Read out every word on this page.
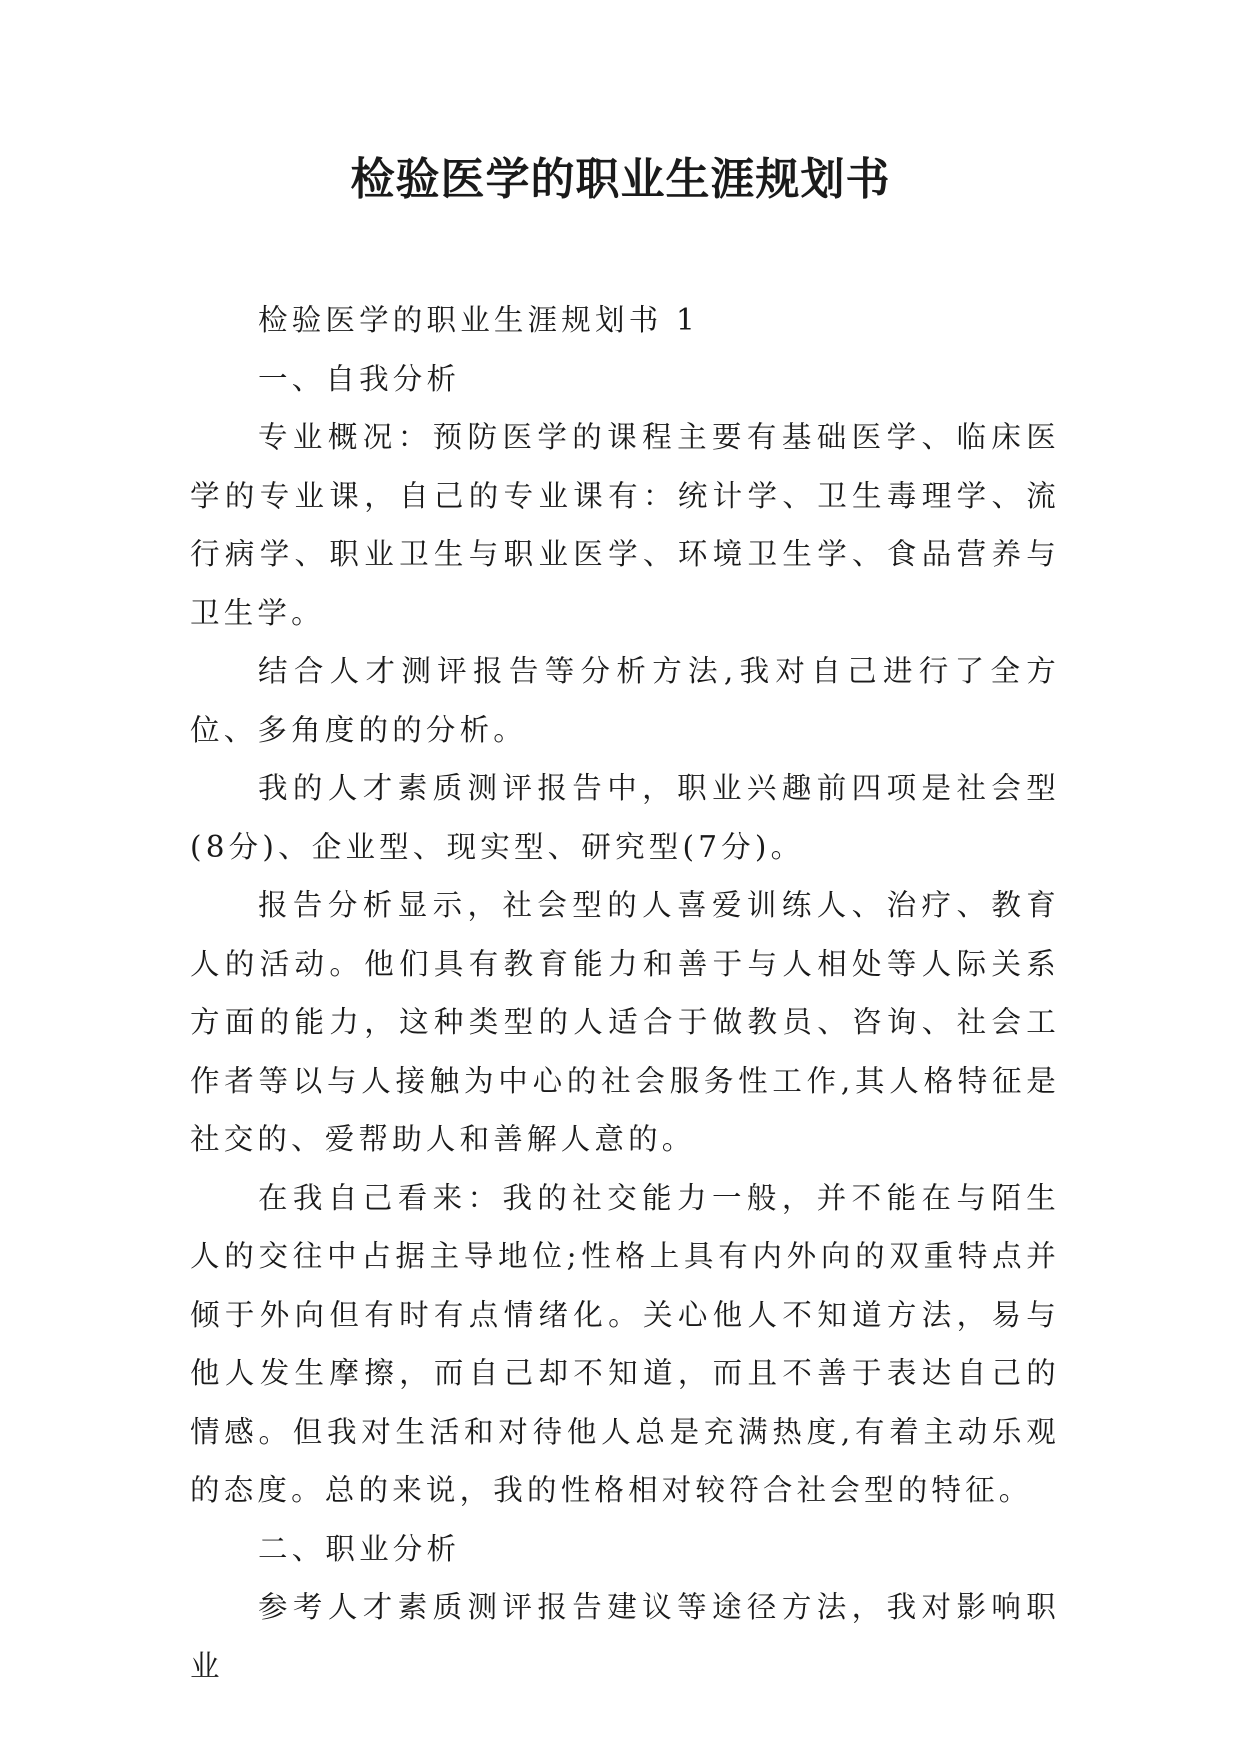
检验医学的职业生涯规划书

检验医学的职业生涯规划书 1

一、自我分析

专业概况：预防医学的课程主要有基础医学、临床医学的专业课，自己的专业课有：统计学、卫生毒理学、流行病学、职业卫生与职业医学、环境卫生学、食品营养与卫生学。

结合人才测评报告等分析方法,我对自己进行了全方位、多角度的的分析。

我的人才素质测评报告中，职业兴趣前四项是社会型(8分)、企业型、现实型、研究型(7分)。

报告分析显示，社会型的人喜爱训练人、治疗、教育人的活动。他们具有教育能力和善于与人相处等人际关系方面的能力，这种类型的人适合于做教员、咨询、社会工作者等以与人接触为中心的社会服务性工作,其人格特征是社交的、爱帮助人和善解人意的。

在我自己看来：我的社交能力一般，并不能在与陌生人的交往中占据主导地位;性格上具有内外向的双重特点并倾于外向但有时有点情绪化。关心他人不知道方法，易与他人发生摩擦，而自己却不知道，而且不善于表达自己的情感。但我对生活和对待他人总是充满热度,有着主动乐观的态度。总的来说，我的性格相对较符合社会型的特征。

二、职业分析

参考人才素质测评报告建议等途径方法，我对影响职业
